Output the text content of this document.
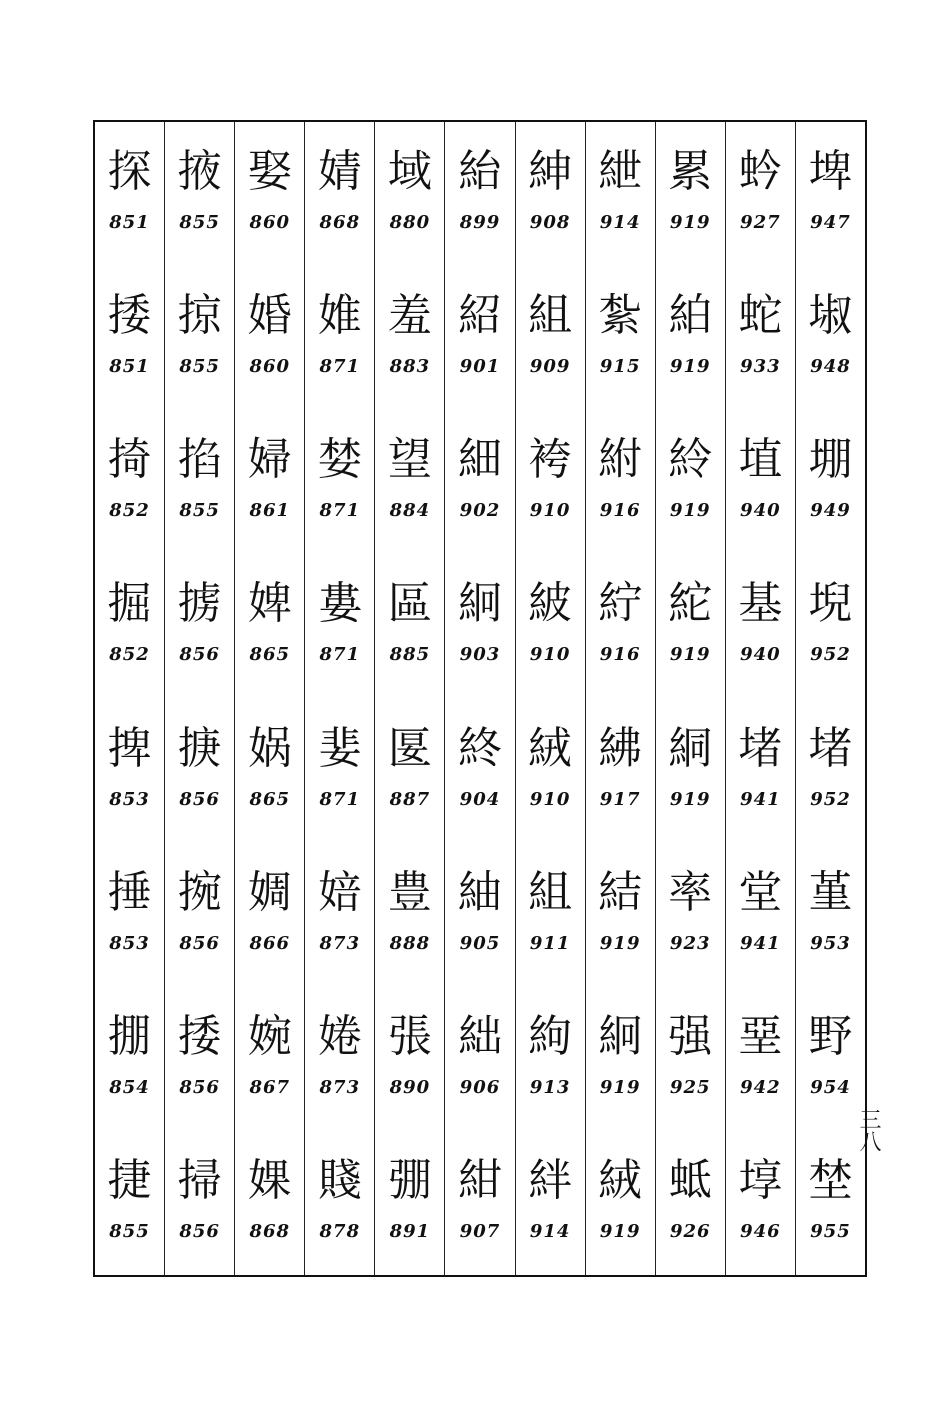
探
851
捼
851
掎
852
掘
852
捭
853
捶
853
掤
854
捷
855
掖
855
掠
855
掐
855
掳
856
掶
856
捥
856
捼
856
掃
856
娶
860
婚
860
婦
861
婢
865
娲
865
婤
866
婉
867
婐
868
婧
868
婎
871
婪
871
婁
871
婓
871
婄
873
婘
873
賤
878
域
880
羞
883
望
884
區
885
匽
887
豊
888
張
890
弸
891
紿
899
紹
901
細
902
絅
903
終
904
紬
905
絀
906
紺
907
紳
908
組
909
袴
910
紴
910
絨
910
組
911
絇
913
絆
914
紲
914
紮
915
紨
916
紵
916
紼
917
結
919
絅
919
絨
919
累
919
絈
919
紷
919
紽
919
絧
919
率
923
强
925
蚳
926
蚙
927
蛇
933
埴
940
基
940
堵
941
堂
941
堊
942
埻
946
埤
947
埱
948
堋
949
堄
952
堵
952
堇
953
野
954
埜
955
三八
